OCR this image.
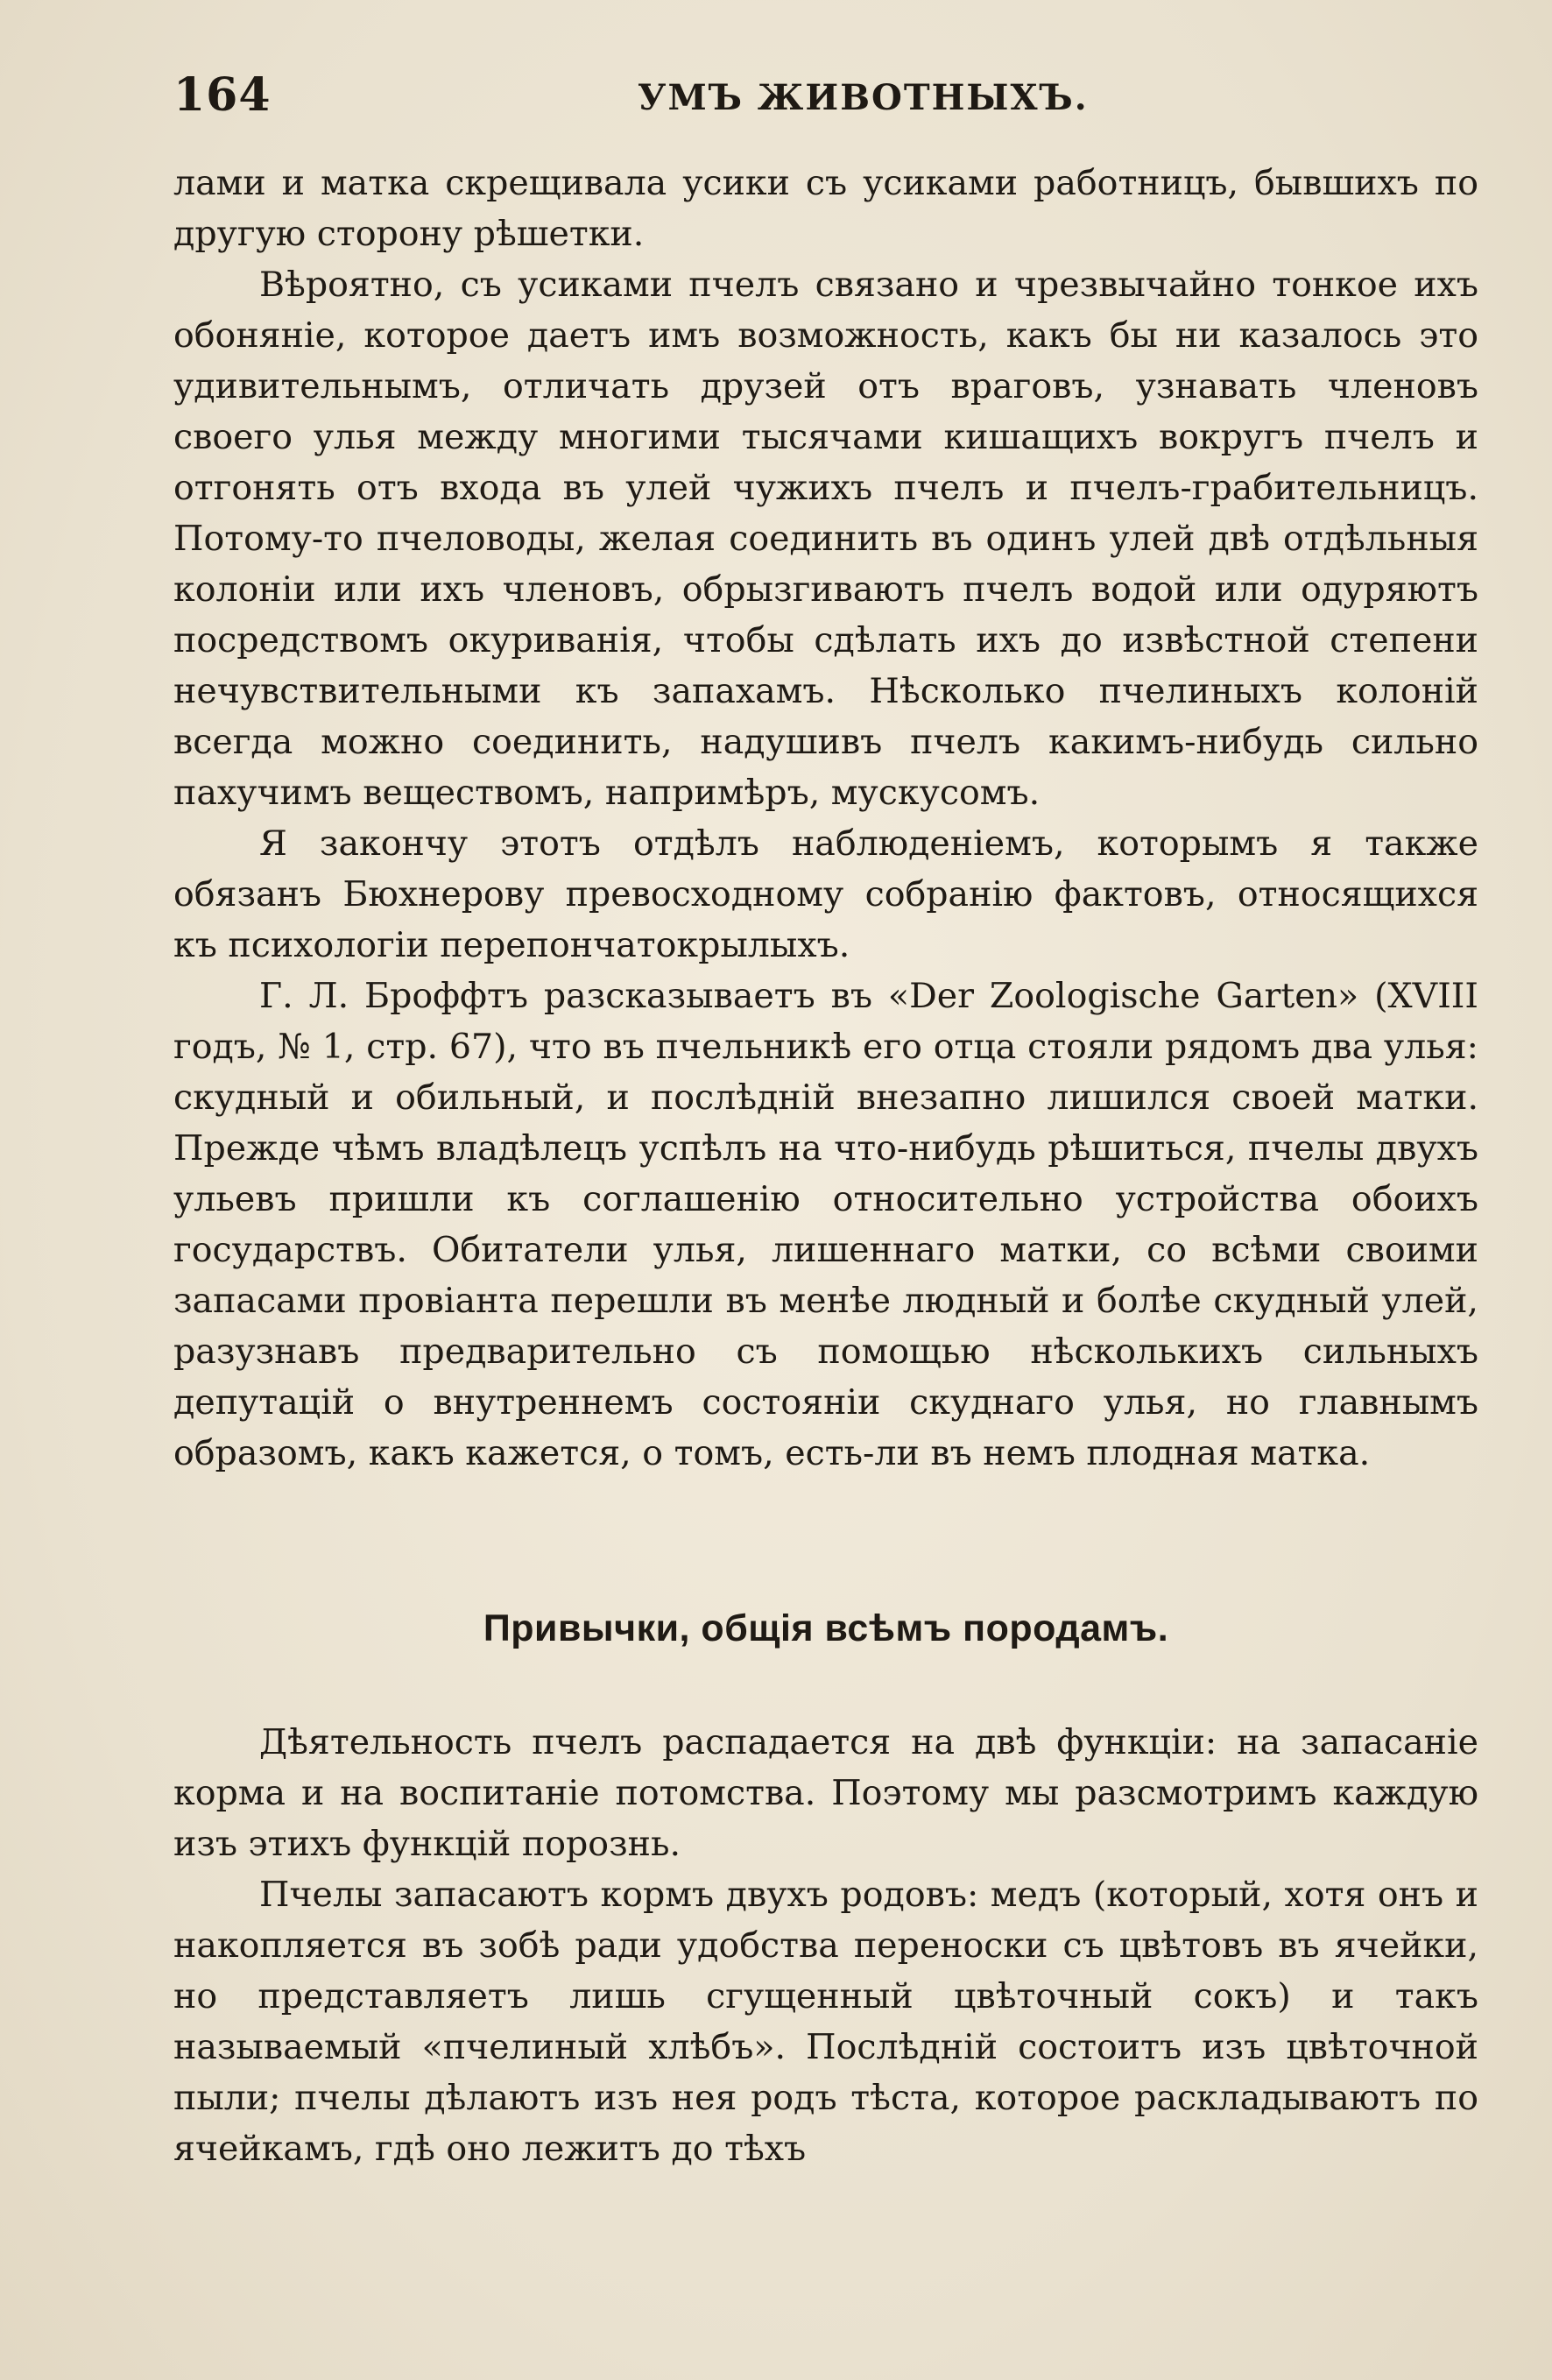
164	УМЪ ЖИВОТНЫХЪ.

лами и матка скрещивала усики съ усиками работницъ, бывшихъ по другую сторону рѣшетки.

Вѣроятно, съ усиками пчелъ связано и чрезвычайно тонкое ихъ обоняніе, которое даетъ имъ возможность, какъ бы ни казалось это удивительнымъ, отличать друзей отъ враговъ, узнавать членовъ своего улья между многими тысячами кишащихъ вокругъ пчелъ и отгонять отъ входа въ улей чужихъ пчелъ и пчелъ-грабительницъ. Потому-то пчеловоды, желая соединить въ одинъ улей двѣ отдѣльныя колоніи или ихъ членовъ, обрызгиваютъ пчелъ водой или одуряютъ посредствомъ окуриванія, чтобы сдѣлать ихъ до извѣстной степени нечувствительными къ запахамъ. Нѣсколько пчелиныхъ колоній всегда можно соединить, надушивъ пчелъ какимъ-нибудь сильно пахучимъ веществомъ, напримѣръ, мускусомъ.

Я закончу этотъ отдѣлъ наблюденіемъ, которымъ я также обязанъ Бюхнерову превосходному собранію фактовъ, относящихся къ психологіи перепончатокрылыхъ.

Г. Л. Броффтъ разсказываетъ въ «Der Zoologische Garten» (XVIII годъ, № 1, стр. 67), что въ пчельникѣ его отца стояли рядомъ два улья: скудный и обильный, и послѣдній внезапно лишился своей матки. Прежде чѣмъ владѣлецъ успѣлъ на что-нибудь рѣшиться, пчелы двухъ ульевъ пришли къ соглашенію относительно устройства обоихъ государствъ. Обитатели улья, лишеннаго матки, со всѣми своими запасами провіанта перешли въ менѣе людный и болѣе скудный улей, разузнавъ предварительно съ помощью нѣсколькихъ сильныхъ депутацій о внутреннемъ состояніи скуднаго улья, но главнымъ образомъ, какъ кажется, о томъ, есть-ли въ немъ плодная матка.

Привычки, общія всѣмъ породамъ.

Дѣятельность пчелъ распадается на двѣ функціи: на запасаніе корма и на воспитаніе потомства. Поэтому мы разсмотримъ каждую изъ этихъ функцій порознь.

Пчелы запасаютъ кормъ двухъ родовъ: медъ (который, хотя онъ и накопляется въ зобѣ ради удобства переноски съ цвѣтовъ въ ячейки, но представляетъ лишь сгущенный цвѣточный сокъ) и такъ называемый «пчелиный хлѣбъ». Послѣдній состоитъ изъ цвѣточной пыли; пчелы дѣлаютъ изъ нея родъ тѣста, которое раскладываютъ по ячейкамъ, гдѣ оно лежитъ до тѣхъ
